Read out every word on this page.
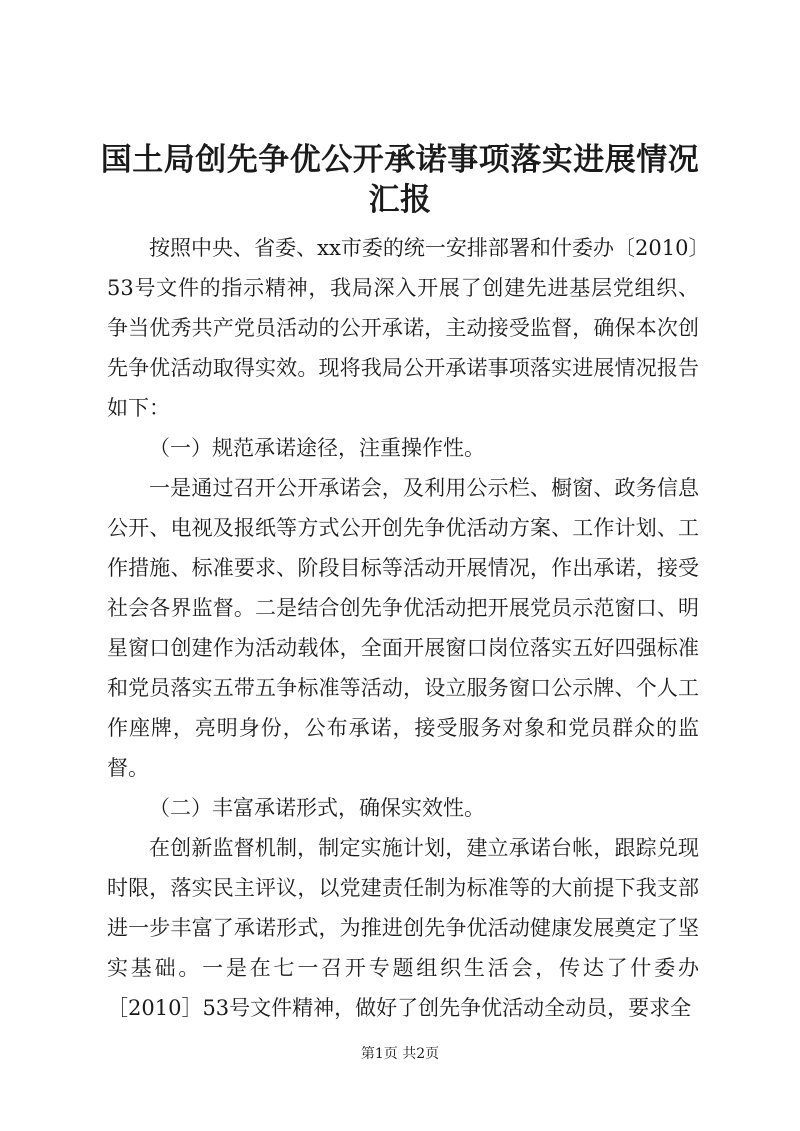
国土局创先争优公开承诺事项落实进展情况汇报

按照中央、省委、xx市委的统一安排部署和什委办〔2010〕53号文件的指示精神，我局深入开展了创建先进基层党组织、争当优秀共产党员活动的公开承诺，主动接受监督，确保本次创先争优活动取得实效。现将我局公开承诺事项落实进展情况报告如下：

（一）规范承诺途径，注重操作性。

一是通过召开公开承诺会，及利用公示栏、橱窗、政务信息公开、电视及报纸等方式公开创先争优活动方案、工作计划、工作措施、标准要求、阶段目标等活动开展情况，作出承诺，接受社会各界监督。二是结合创先争优活动把开展党员示范窗口、明星窗口创建作为活动载体，全面开展窗口岗位落实五好四强标准和党员落实五带五争标准等活动，设立服务窗口公示牌、个人工作座牌，亮明身份，公布承诺，接受服务对象和党员群众的监督。

（二）丰富承诺形式，确保实效性。

在创新监督机制，制定实施计划，建立承诺台帐，跟踪兑现时限，落实民主评议，以党建责任制为标准等的大前提下我支部进一步丰富了承诺形式，为推进创先争优活动健康发展奠定了坚实基础。一是在七一召开专题组织生活会，传达了什委办［2010］53号文件精神，做好了创先争优活动全动员，要求全

第1页 共2页
